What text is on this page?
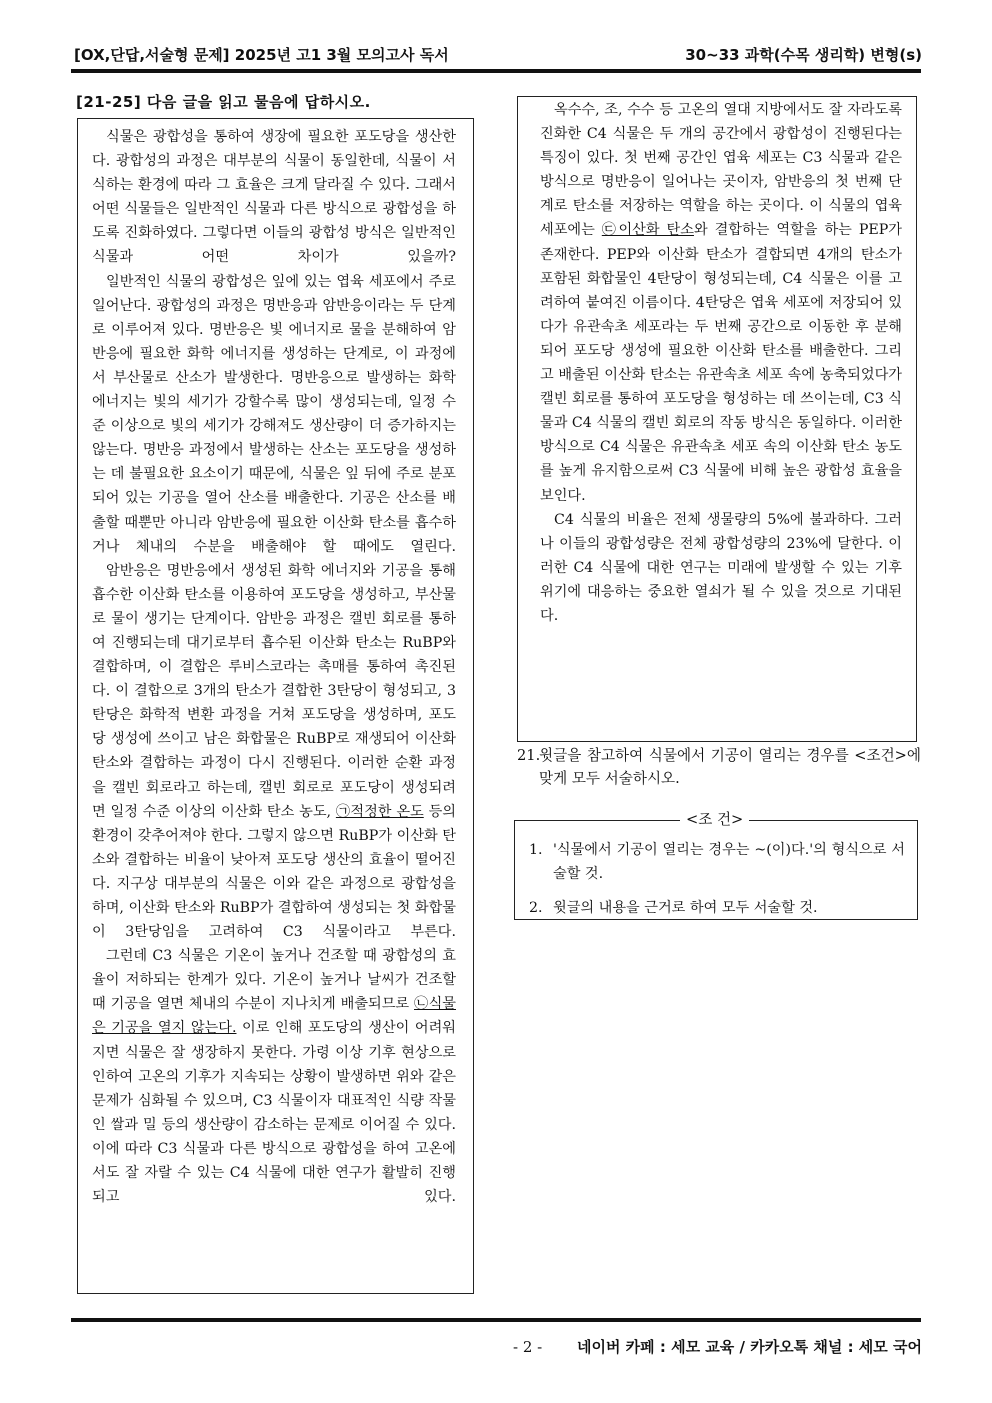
[OX,단답,서술형 문제] 2025년 고1 3월 모의고사 독서	30~33 과학(수목 생리학) 변형(s)
[21-25] 다음 글을 읽고 물음에 답하시오.

식물은 광합성을 통하여 생장에 필요한 포도당을 생산한다. 광합성의 과정은 대부분의 식물이 동일한데, 식물이 서식하는 환경에 따라 그 효율은 크게 달라질 수 있다. 그래서 어떤 식물들은 일반적인 식물과 다른 방식으로 광합성을 하도록 진화하였다. 그렇다면 이들의 광합성 방식은 일반적인 식물과 어떤 차이가 있을까?

일반적인 식물의 광합성은 잎에 있는 엽육 세포에서 주로 일어난다. 광합성의 과정은 명반응과 암반응이라는 두 단계로 이루어져 있다. 명반응은 빛 에너지로 물을 분해하여 암반응에 필요한 화학 에너지를 생성하는 단계로, 이 과정에서 부산물로 산소가 발생한다. 명반응으로 발생하는 화학 에너지는 빛의 세기가 강할수록 많이 생성되는데, 일정 수준 이상으로 빛의 세기가 강해져도 생산량이 더 증가하지는 않는다. 명반응 과정에서 발생하는 산소는 포도당을 생성하는 데 불필요한 요소이기 때문에, 식물은 잎 뒤에 주로 분포되어 있는 기공을 열어 산소를 배출한다. 기공은 산소를 배출할 때뿐만 아니라 암반응에 필요한 이산화 탄소를 흡수하거나 체내의 수분을 배출해야 할 때에도 열린다.

암반응은 명반응에서 생성된 화학 에너지와 기공을 통해 흡수한 이산화 탄소를 이용하여 포도당을 생성하고, 부산물로 물이 생기는 단계이다. 암반응 과정은 캘빈 회로를 통하여 진행되는데 대기로부터 흡수된 이산화 탄소는 RuBP와 결합하며, 이 결합은 루비스코라는 촉매를 통하여 촉진된다. 이 결합으로 3개의 탄소가 결합한 3탄당이 형성되고, 3탄당은 화학적 변환 과정을 거쳐 포도당을 생성하며, 포도당 생성에 쓰이고 남은 화합물은 RuBP로 재생되어 이산화 탄소와 결합하는 과정이 다시 진행된다. 이러한 순환 과정을 캘빈 회로라고 하는데, 캘빈 회로로 포도당이 생성되려면 일정 수준 이상의 이산화 탄소 농도, ㉠적정한 온도 등의 환경이 갖추어져야 한다. 그렇지 않으면 RuBP가 이산화 탄소와 결합하는 비율이 낮아져 포도당 생산의 효율이 떨어진다. 지구상 대부분의 식물은 이와 같은 과정으로 광합성을 하며, 이산화 탄소와 RuBP가 결합하여 생성되는 첫 화합물이 3탄당임을 고려하여 C3 식물이라고 부른다.

그런데 C3 식물은 기온이 높거나 건조할 때 광합성의 효율이 저하되는 한계가 있다. 기온이 높거나 날씨가 건조할 때 기공을 열면 체내의 수분이 지나치게 배출되므로 ㉡식물은 기공을 열지 않는다. 이로 인해 포도당의 생산이 어려워지면 식물은 잘 생장하지 못한다. 가령 이상 기후 현상으로 인하여 고온의 기후가 지속되는 상황이 발생하면 위와 같은 문제가 심화될 수 있으며, C3 식물이자 대표적인 식량 작물인 쌀과 밀 등의 생산량이 감소하는 문제로 이어질 수 있다. 이에 따라 C3 식물과 다른 방식으로 광합성을 하여 고온에서도 잘 자랄 수 있는 C4 식물에 대한 연구가 활발히 진행되고 있다.

옥수수, 조, 수수 등 고온의 열대 지방에서도 잘 자라도록 진화한 C4 식물은 두 개의 공간에서 광합성이 진행된다는 특징이 있다. 첫 번째 공간인 엽육 세포는 C3 식물과 같은 방식으로 명반응이 일어나는 곳이자, 암반응의 첫 번째 단계로 탄소를 저장하는 역할을 하는 곳이다. 이 식물의 엽육 세포에는 ㉢이산화 탄소와 결합하는 역할을 하는 PEP가 존재한다. PEP와 이산화 탄소가 결합되면 4개의 탄소가 포함된 화합물인 4탄당이 형성되는데, C4 식물은 이를 고려하여 붙여진 이름이다. 4탄당은 엽육 세포에 저장되어 있다가 유관속초 세포라는 두 번째 공간으로 이동한 후 분해되어 포도당 생성에 필요한 이산화 탄소를 배출한다. 그리고 배출된 이산화 탄소는 유관속초 세포 속에 농축되었다가 캘빈 회로를 통하여 포도당을 형성하는 데 쓰이는데, C3 식물과 C4 식물의 캘빈 회로의 작동 방식은 동일하다. 이러한 방식으로 C4 식물은 유관속초 세포 속의 이산화 탄소 농도를 높게 유지함으로써 C3 식물에 비해 높은 광합성 효율을 보인다.

C4 식물의 비율은 전체 생물량의 5%에 불과하다. 그러나 이들의 광합성량은 전체 광합성량의 23%에 달한다. 이러한 C4 식물에 대한 연구는 미래에 발생할 수 있는 기후 위기에 대응하는 중요한 열쇠가 될 수 있을 것으로 기대된다.

21.
윗글을 참고하여 식물에서 기공이 열리는 경우를 <조건>에 맞게 모두 서술하시오.
<조 건>
1. '식물에서 기공이 열리는 경우는 ~(이)다.'의 형식으로 서술할 것.
2. 윗글의 내용을 근거로 하여 모두 서술할 것.
- 2 - 네이버 카페 : 세모 교육 / 카카오톡 채널 : 세모 국어
